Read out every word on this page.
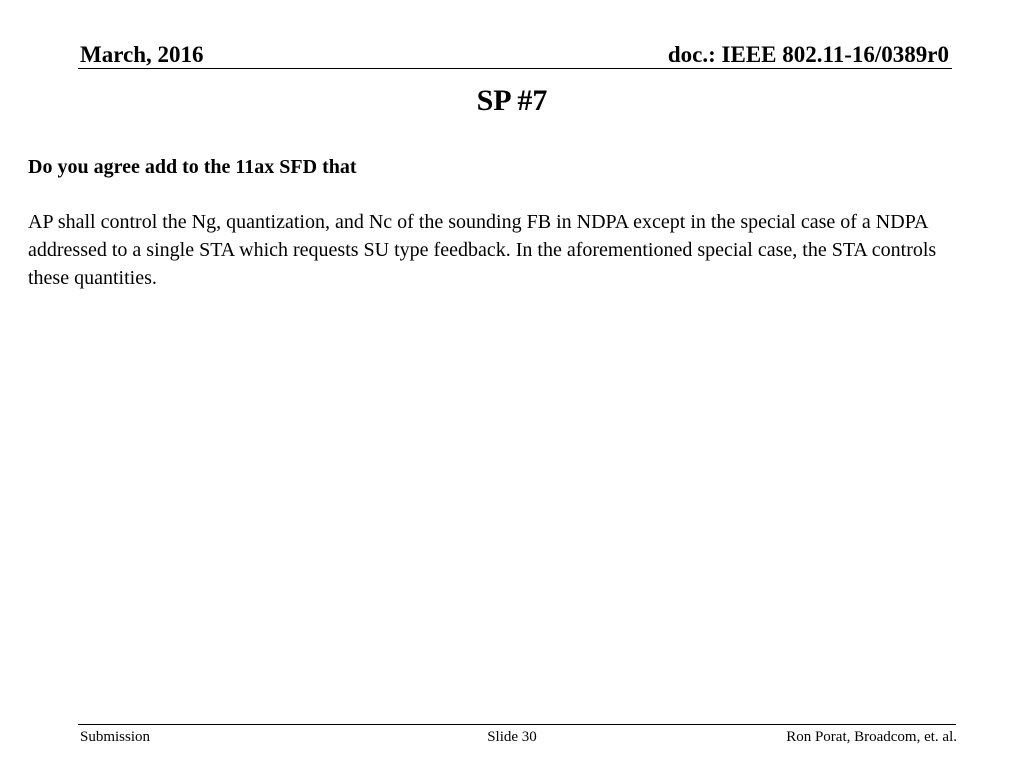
March, 2016	doc.: IEEE 802.11-16/0389r0
SP #7

Do you agree add to the 11ax SFD that

AP shall control the Ng, quantization, and Nc of the sounding FB in NDPA except in the special case of a NDPA addressed to a single STA which requests SU type feedback. In the aforementioned special case, the STA controls these quantities.

Submission	Slide 30	Ron Porat, Broadcom, et. al.
